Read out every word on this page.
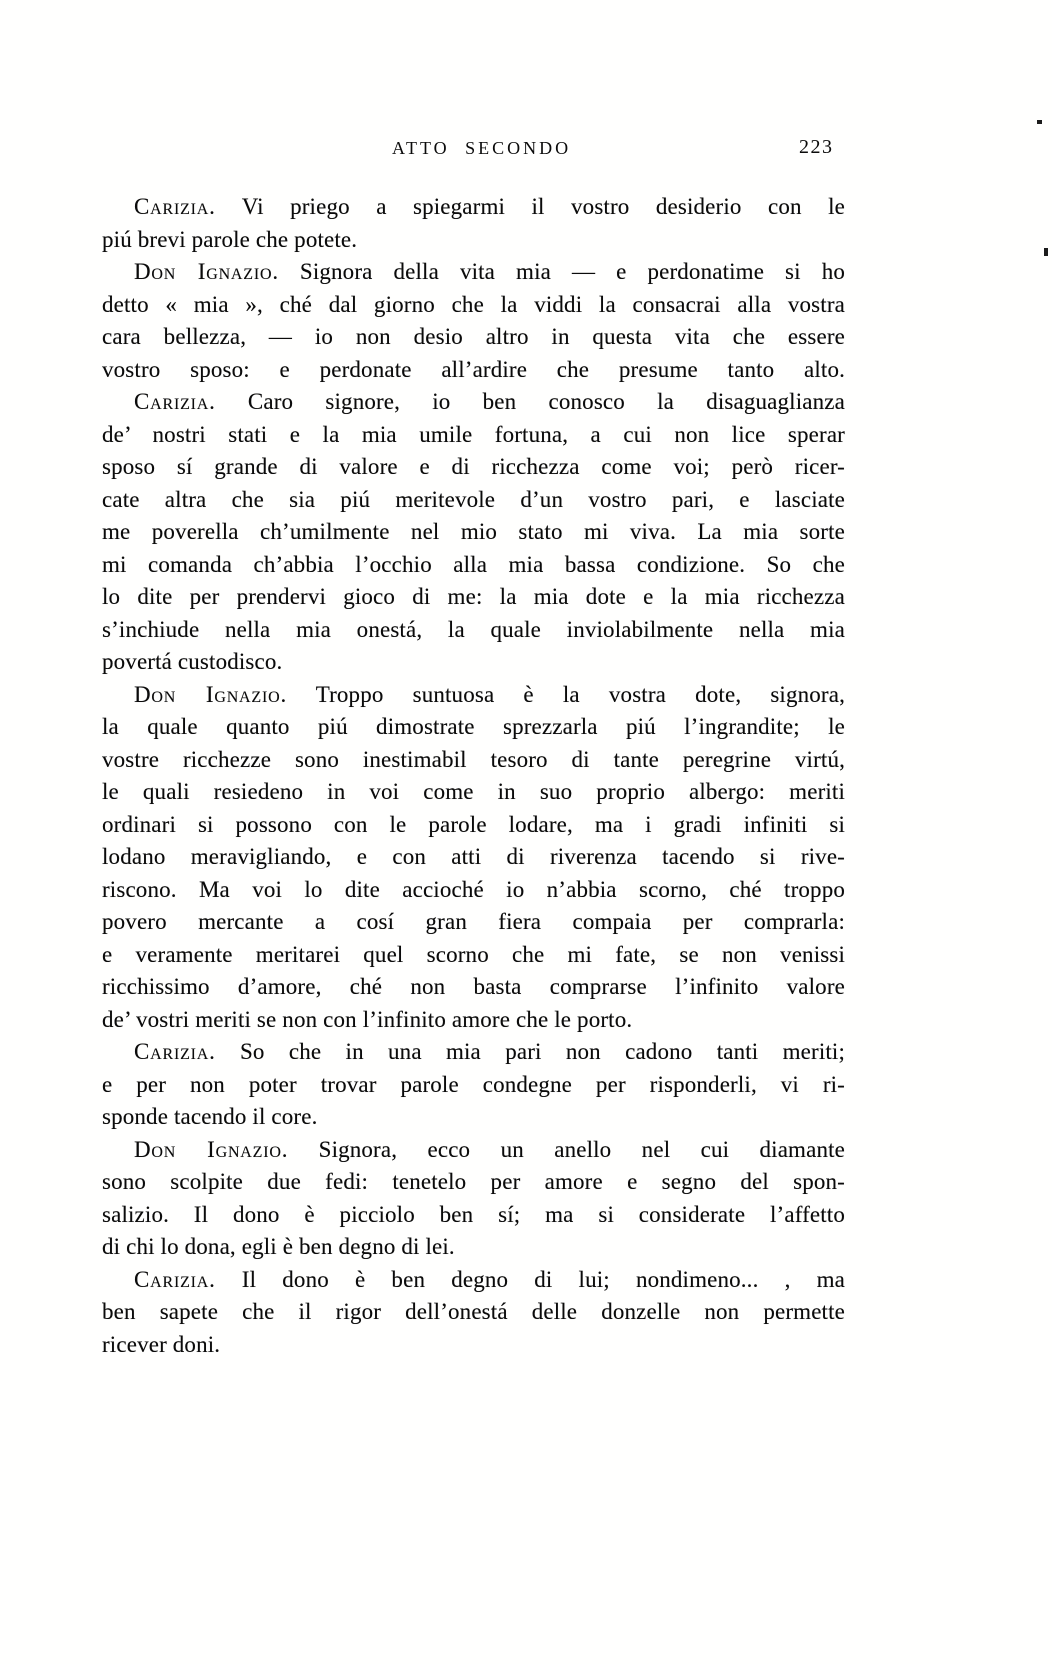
ATTO SECONDO	223
Carizia. Vi priego a spiegarmi il vostro desiderio con le
piú brevi parole che potete.
Don Ignazio. Signora della vita mia — e perdonatime si ho
detto « mia », ché dal giorno che la viddi la consacrai alla vostra
cara bellezza, — io non desio altro in questa vita che essere
vostro sposo: e perdonate all’ardire che presume tanto alto.
Carizia. Caro signore, io ben conosco la disaguaglianza
de’ nostri stati e la mia umile fortuna, a cui non lice sperar
sposo sí grande di valore e di ricchezza come voi; però ricer-
cate altra che sia piú meritevole d’un vostro pari, e lasciate
me poverella ch’umilmente nel mio stato mi viva. La mia sorte
mi comanda ch’abbia l’occhio alla mia bassa condizione. So che
lo dite per prendervi gioco di me: la mia dote e la mia ricchezza
s’inchiude nella mia onestá, la quale inviolabilmente nella mia
povertá custodisco.
Don Ignazio. Troppo suntuosa è la vostra dote, signora,
la quale quanto piú dimostrate sprezzarla piú l’ingrandite; le
vostre ricchezze sono inestimabil tesoro di tante peregrine virtú,
le quali resiedeno in voi come in suo proprio albergo: meriti
ordinari si possono con le parole lodare, ma i gradi infiniti si
lodano meravigliando, e con atti di riverenza tacendo si rive-
riscono. Ma voi lo dite accioché io n’abbia scorno, ché troppo
povero mercante a cosí gran fiera compaia per comprarla:
e veramente meritarei quel scorno che mi fate, se non venissi
ricchissimo d’amore, ché non basta comprarse l’infinito valore
de’ vostri meriti se non con l’infinito amore che le porto.
Carizia. So che in una mia pari non cadono tanti meriti;
e per non poter trovar parole condegne per risponderli, vi ri-
sponde tacendo il core.
Don Ignazio. Signora, ecco un anello nel cui diamante
sono scolpite due fedi: tenetelo per amore e segno del spon-
salizio. Il dono è picciolo ben sí; ma si considerate l’affetto
di chi lo dona, egli è ben degno di lei.
Carizia. Il dono è ben degno di lui; nondimeno... , ma
ben sapete che il rigor dell’onestá delle donzelle non permette
ricever doni.
